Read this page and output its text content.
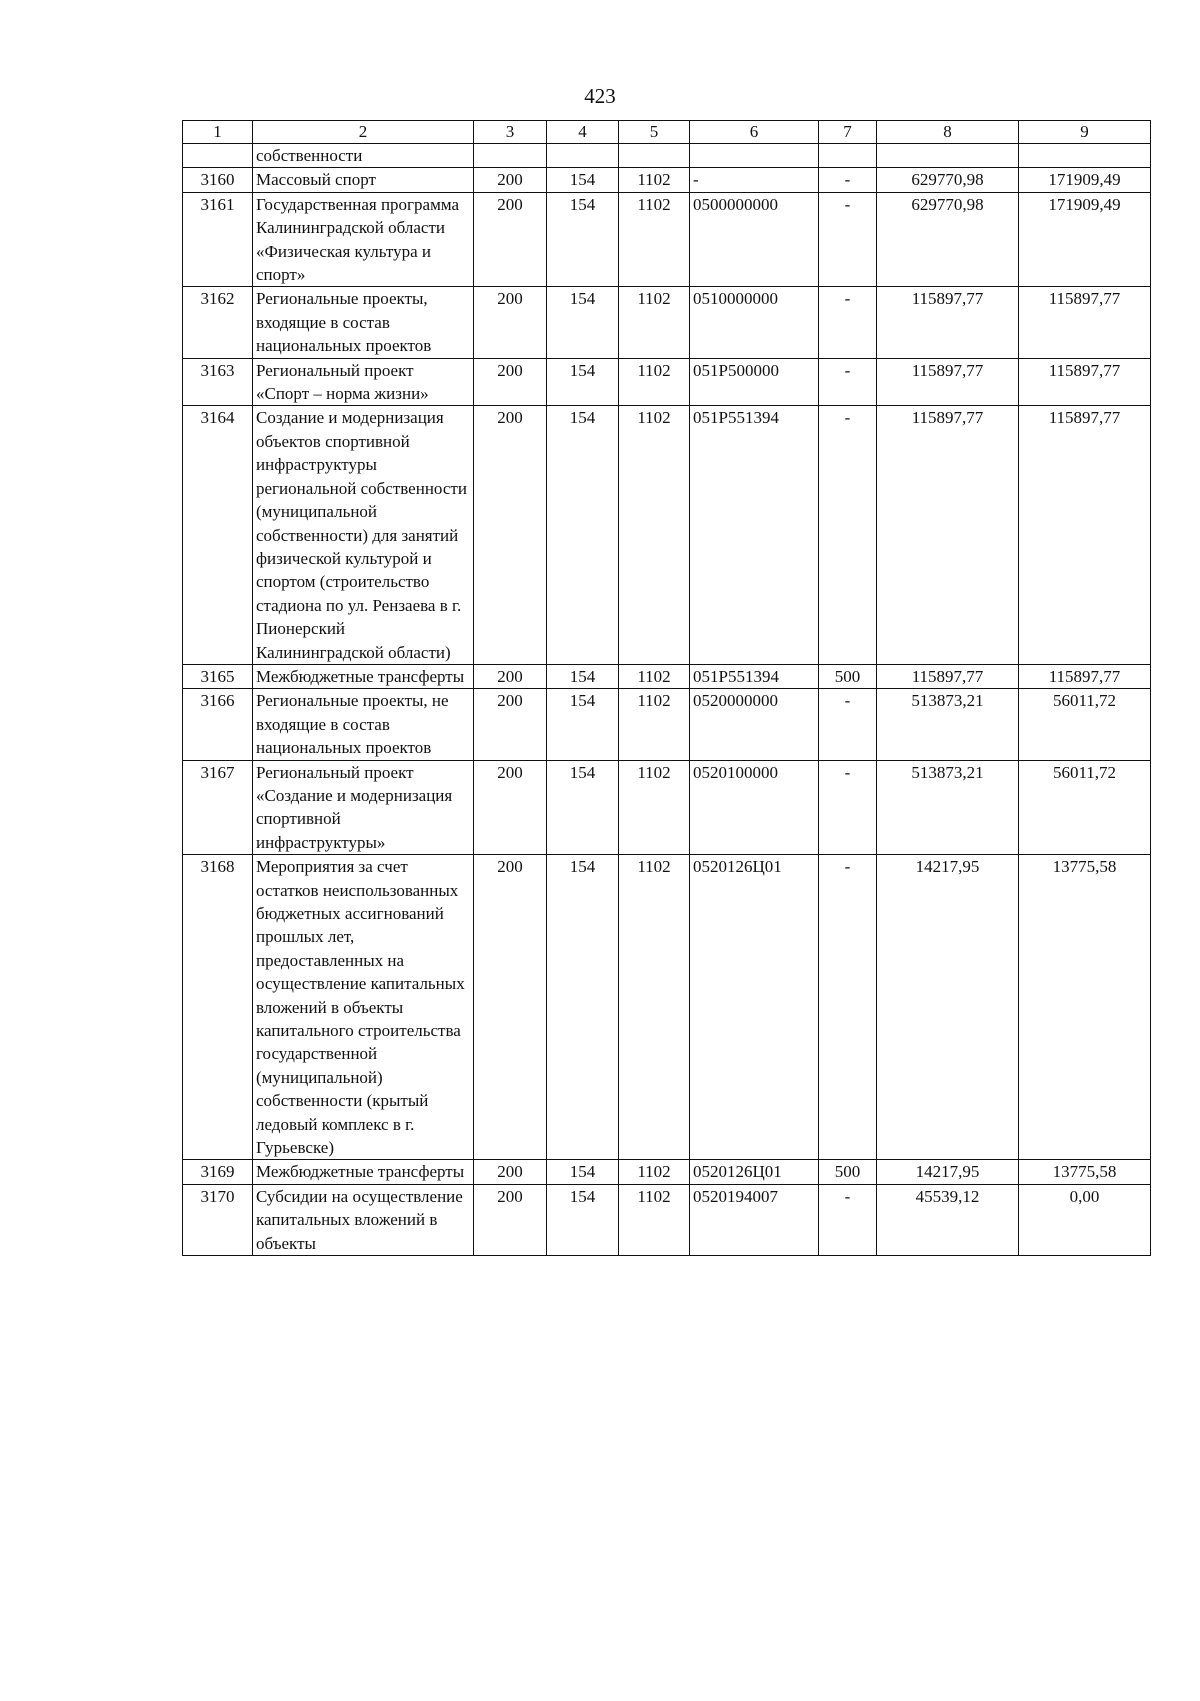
423
1	2	3	4	5	6	7	8	9
	собственности							
3160	Массовый спорт	200	154	1102	-	-	629770,98	171909,49
3161	Государственная программа Калининградской области «Физическая культура и спорт»	200	154	1102	0500000000	-	629770,98	171909,49
3162	Региональные проекты, входящие в состав национальных проектов	200	154	1102	0510000000	-	115897,77	115897,77
3163	Региональный проект «Спорт – норма жизни»	200	154	1102	051P500000	-	115897,77	115897,77
3164	Создание и модернизация объектов спортивной инфраструктуры региональной собственности (муниципальной собственности) для занятий физической культурой и спортом (строительство стадиона по ул. Рензаева в г. Пионерский Калининградской области)	200	154	1102	051P551394	-	115897,77	115897,77
3165	Межбюджетные трансферты	200	154	1102	051P551394	500	115897,77	115897,77
3166	Региональные проекты, не входящие в состав национальных проектов	200	154	1102	0520000000	-	513873,21	56011,72
3167	Региональный проект «Создание и модернизация спортивной инфраструктуры»	200	154	1102	0520100000	-	513873,21	56011,72
3168	Мероприятия за счет остатков неиспользованных бюджетных ассигнований прошлых лет, предоставленных на осуществление капитальных вложений в объекты капитального строительства государственной (муниципальной) собственности (крытый ледовый комплекс в г. Гурьевске)	200	154	1102	0520126Ц01	-	14217,95	13775,58
3169	Межбюджетные трансферты	200	154	1102	0520126Ц01	500	14217,95	13775,58
3170	Субсидии на осуществление капитальных вложений в объекты	200	154	1102	0520194007	-	45539,12	0,00
